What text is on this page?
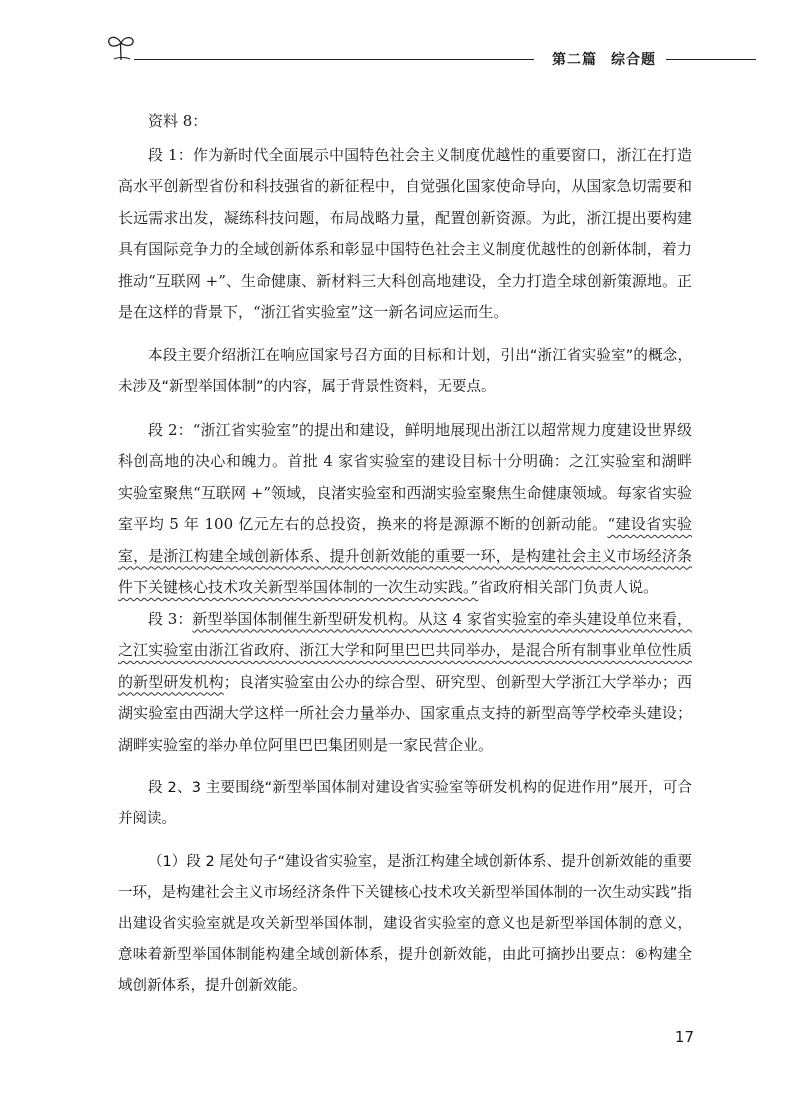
第二篇 综合题

资料 8：

段 1：作为新时代全面展示中国特色社会主义制度优越性的重要窗口，浙江在打造高水平创新型省份和科技强省的新征程中，自觉强化国家使命导向，从国家急切需要和长远需求出发，凝练科技问题，布局战略力量，配置创新资源。为此，浙江提出要构建具有国际竞争力的全域创新体系和彰显中国特色社会主义制度优越性的创新体制，着力推动“互联网 +”、生命健康、新材料三大科创高地建设，全力打造全球创新策源地。正是在这样的背景下，“浙江省实验室”这一新名词应运而生。

本段主要介绍浙江在响应国家号召方面的目标和计划，引出“浙江省实验室”的概念，未涉及“新型举国体制”的内容，属于背景性资料，无要点。

段 2：“浙江省实验室”的提出和建设，鲜明地展现出浙江以超常规力度建设世界级科创高地的决心和魄力。首批 4 家省实验室的建设目标十分明确：之江实验室和湖畔实验室聚焦“互联网 +”领域，良渚实验室和西湖实验室聚焦生命健康领域。每家省实验室平均 5 年 100 亿元左右的总投资，换来的将是源源不断的创新动能。“建设省实验室，是浙江构建全域创新体系、提升创新效能的重要一环，是构建社会主义市场经济条件下关键核心技术攻关新型举国体制的一次生动实践。”省政府相关部门负责人说。

段 3：新型举国体制催生新型研发机构。从这 4 家省实验室的牵头建设单位来看，之江实验室由浙江省政府、浙江大学和阿里巴巴共同举办，是混合所有制事业单位性质的新型研发机构；良渚实验室由公办的综合型、研究型、创新型大学浙江大学举办；西湖实验室由西湖大学这样一所社会力量举办、国家重点支持的新型高等学校牵头建设；湖畔实验室的举办单位阿里巴巴集团则是一家民营企业。

段 2、3 主要围绕“新型举国体制对建设省实验室等研发机构的促进作用”展开，可合并阅读。

（1）段 2 尾处句子“建设省实验室，是浙江构建全域创新体系、提升创新效能的重要一环，是构建社会主义市场经济条件下关键核心技术攻关新型举国体制的一次生动实践”指出建设省实验室就是攻关新型举国体制，建设省实验室的意义也是新型举国体制的意义，意味着新型举国体制能构建全域创新体系，提升创新效能，由此可摘抄出要点：⑥构建全域创新体系，提升创新效能。

17
